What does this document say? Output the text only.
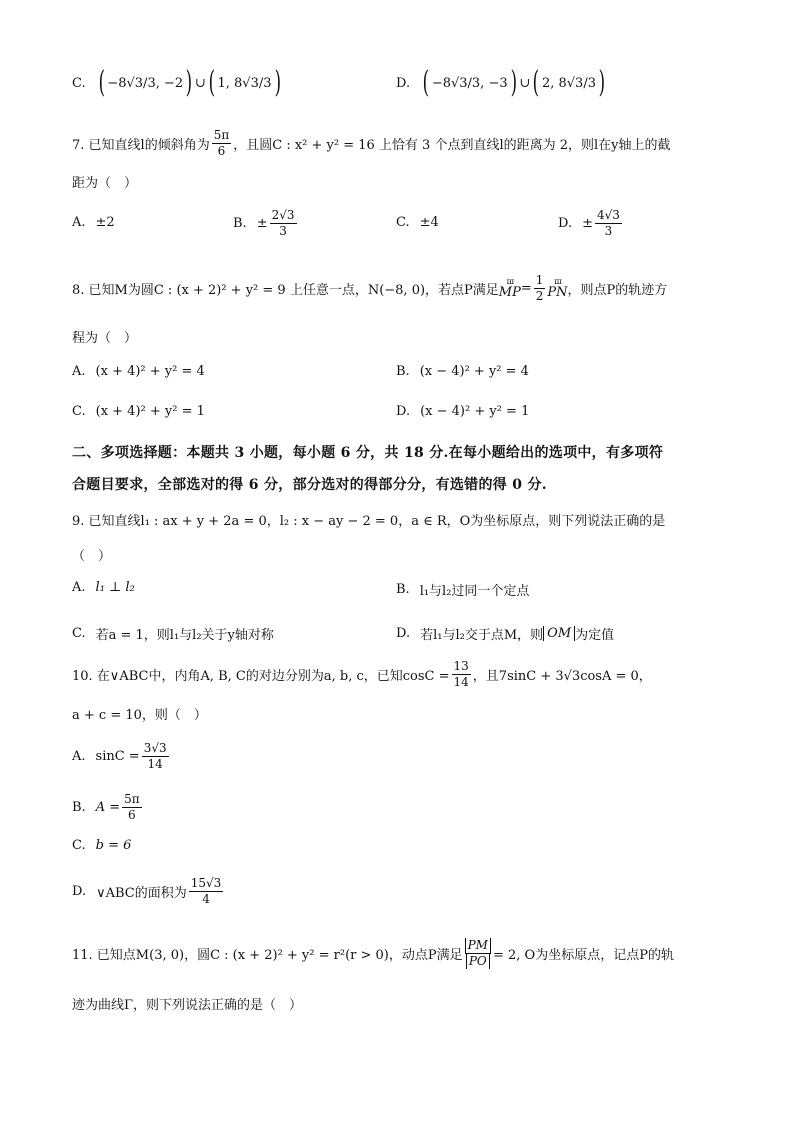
C. ( −8√3/3, −2 ) ∪ ( 1, 8√3/3 )	D. ( −8√3/3, −3 ) ∪ ( 2, 8√3/3 )
7. 已知直线l的倾斜角为 $\frac{5\pi}{6}$ ，且圆C : x² + y² = 16 上恰有 3 个点到直线l的距离为 2，则l在y轴上的截
距为（　）
A. ±2	B. ± $\frac{2√3}{3}$	C. ±4	D. ± $\frac{4√3}{3}$
8. 已知M为圆C : (x + 2)² + y² = 9 上任意一点，N(−8, 0)，若点P满足
ш
MP = $\frac{1}{2}$ ш
PN ，则点P的轨迹方
程为（　）
A. (x + 4)² + y² = 4	B. (x − 4)² + y² = 4
C. (x + 4)² + y² = 1	D. (x − 4)² + y² = 1
二、多项选择题：本题共 3 小题，每小题 6 分，共 18 分.在每小题给出的选项中，有多项符
合题目要求，全部选对的得 6 分，部分选对的得部分分，有选错的得 0 分.
9. 已知直线l₁ : ax + y + 2a = 0，l₂ : x − ay − 2 = 0，a ∈ R，O为坐标原点，则下列说法正确的是
（　）
A. l₁ ⊥ l₂	B. l₁与l₂过同一个定点
C. 若a = 1，则l₁与l₂关于y轴对称	D. 若l₁与l₂交于点M，则 OM 为定值
10. 在∨ABC中，内角A, B, C的对边分别为a, b, c，已知$\cos C = \frac{13}{14}$ ，且7sinC + 3√3cosA = 0，
a + c = 10，则（　）
A. $\sin C = \frac{3√3}{14}$
B. $A = \frac{5\pi}{6}$
C. b = 6
D. ∨ABC的面积为 $\frac{15√3}{4}$
11. 已知点M(3, 0)，圆C : (x + 2)² + y² = r²(r > 0)，动点P满足 $\frac{PM}{PO} = 2$, O为坐标原点，记点P的轨
迹为曲线Γ，则下列说法正确的是（　）
